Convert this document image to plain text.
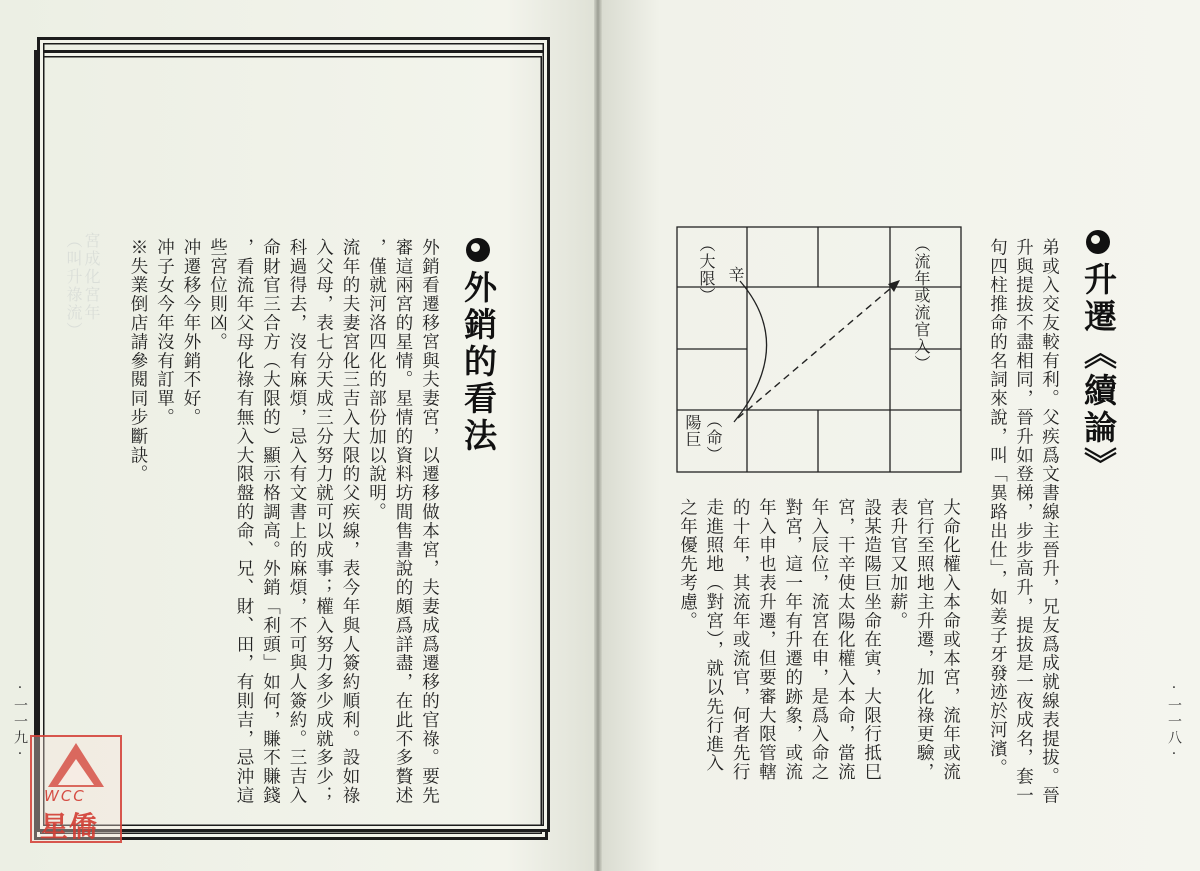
（叫升祿流） 宮成化宮年	外銷的看法
外銷看遷移宮與夫妻宮，以遷移做本宮，夫妻成爲遷移的官祿。要先
審這兩宮的星情。星情的資料坊間售書說的頗爲詳盡，在此不多贅述
，僅就河洛四化的部份加以說明。
流年的夫妻宮化三吉入大限的父疾線，表今年與人簽約順利。設如祿
入父母，表七分天成三分努力就可以成事；權入努力多少成就多少；
科過得去，沒有麻煩，忌入有文書上的麻煩，不可與人簽約。三吉入
命財官三合方（大限的）顯示格調高。外銷「利頭」如何，賺不賺錢
，看流年父母化祿有無入大限盤的命、兄、財、田，有則吉，忌沖這
些宮位則凶。
冲遷移今年外銷不好。
冲子女今年沒有訂單。
※失業倒店請參閱同步斷訣。
·一一九·
升遷《續論》
弟或入交友較有利。父疾爲文書線主晉升，兄友爲成就線表提拔。晉
升與提拔不盡相同，晉升如登梯，步步高升，提拔是一夜成名，套一
句四柱推命的名詞來說，叫「異路出仕」，如姜子牙發迹於河濱。
大命化權入本命或本宮，流年或流
官行至照地主升遷，加化祿更驗，
表升官又加薪。
設某造陽巨坐命在寅，大限行抵巳
宮，干辛使太陽化權入本命，當流
年入辰位，流宮在申，是爲入命之
對宮，這一年有升遷的跡象，或流
年入申也表升遷，但要審大限管轄
的十年，其流年或流官，何者先行
走進照地（對宮），就以先行進入
之年優先考慮。
·一一八·
（流年或流官入）
（大限） 辛
（命）
陽巨
WCC
星僑
